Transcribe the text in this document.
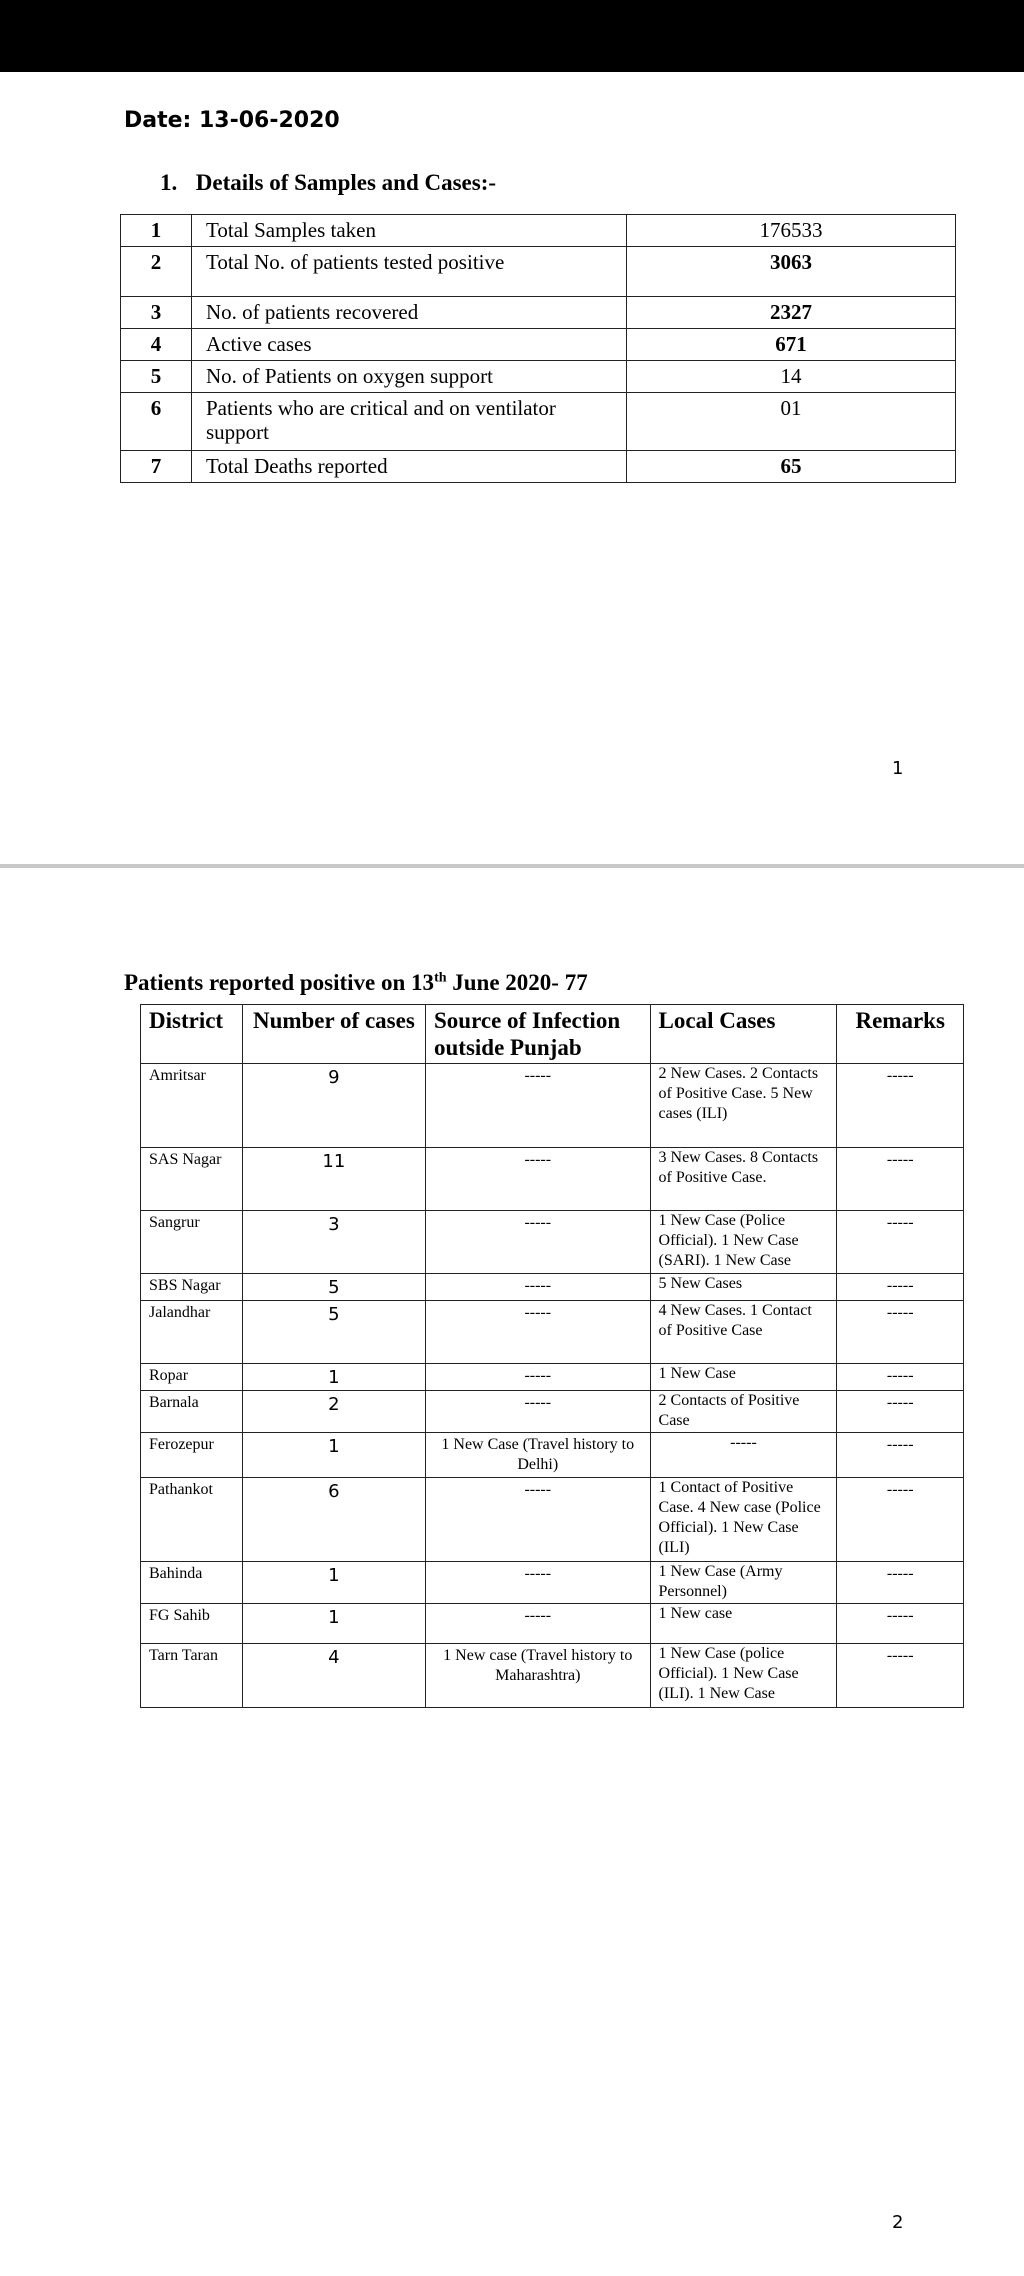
Date: 13-06-2020
1. Details of Samples and Cases:-
1	Total Samples taken	176533
2	Total No. of patients tested positive	3063
3	No. of patients recovered	2327
4	Active cases	671
5	No. of Patients on oxygen support	14
6	Patients who are critical and on ventilator support	01
7	Total Deaths reported	65
1
Patients reported positive on 13th June 2020- 77
District	Number of cases	Source of Infection outside Punjab	Local Cases	Remarks
Amritsar	9	-----	2 New Cases. 2 Contacts of Positive Case. 5 New cases (ILI)	-----
SAS Nagar	11	-----	3 New Cases. 8 Contacts of Positive Case.	-----
Sangrur	3	-----	1 New Case (Police Official). 1 New Case (SARI). 1 New Case	-----
SBS Nagar	5	-----	5 New Cases	-----
Jalandhar	5	-----	4 New Cases. 1 Contact of Positive Case	-----
Ropar	1	-----	1 New Case	-----
Barnala	2	-----	2 Contacts of Positive Case	-----
Ferozepur	1	1 New Case (Travel history to Delhi)	-----	-----
Pathankot	6	-----	1 Contact of Positive Case. 4 New case (Police Official). 1 New Case (ILI)	-----
Bahinda	1	-----	1 New Case (Army Personnel)	-----
FG Sahib	1	-----	1 New case	-----
Tarn Taran	4	1 New case (Travel history to Maharashtra)	1 New Case (police Official). 1 New Case (ILI). 1 New Case	-----
2
